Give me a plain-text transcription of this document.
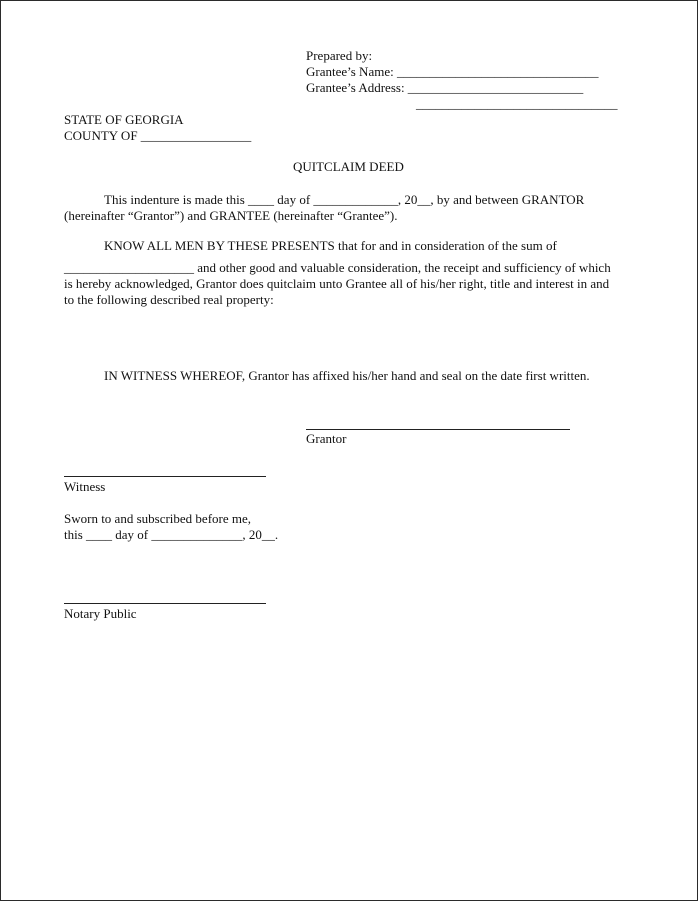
Prepared by:
Grantee’s Name: _______________________________
Grantee’s Address: ___________________________
_______________________________
STATE OF GEORGIA
COUNTY OF _________________
QUITCLAIM DEED
This indenture is made this ____ day of _____________, 20__, by and between GRANTOR
(hereinafter “Grantor”) and GRANTEE (hereinafter “Grantee”).
KNOW ALL MEN BY THESE PRESENTS that for and in consideration of the sum of
____________________ and other good and valuable consideration, the receipt and sufficiency of which
is hereby acknowledged, Grantor does quitclaim unto Grantee all of his/her right, title and interest in and
to the following described real property:
IN WITNESS WHEREOF, Grantor has affixed his/her hand and seal on the date first written.
Grantor
Witness
Sworn to and subscribed before me,
this ____ day of ______________, 20__.
Notary Public
